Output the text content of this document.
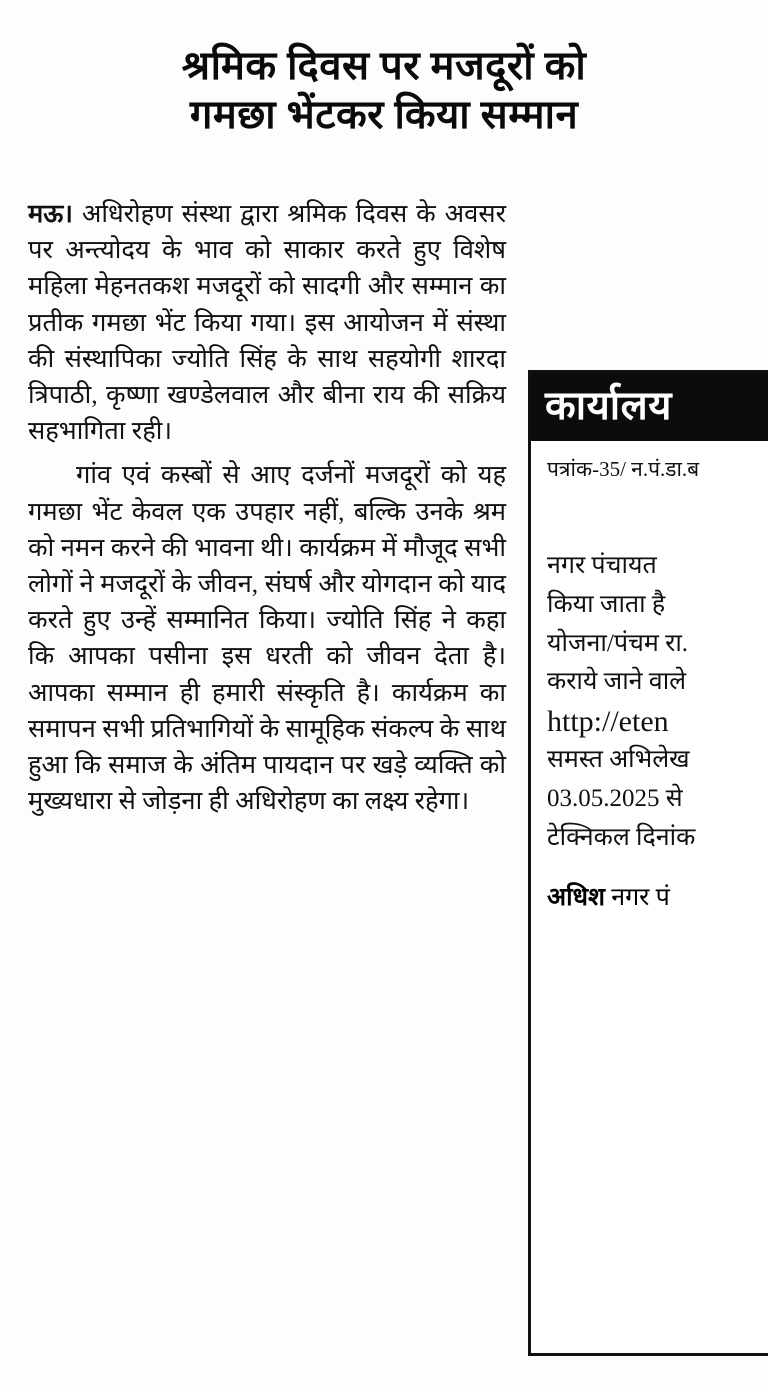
श्रमिक दिवस पर मजदूरों को
गमछा भेंटकर किया सम्मान

मऊ। अधिरोहण संस्था द्वारा श्रमिक दिवस के अवसर पर अन्त्योदय के भाव को साकार करते हुए विशेष महिला मेहनतकश मजदूरों को सादगी और सम्मान का प्रतीक गमछा भेंट किया गया। इस आयोजन में संस्था की संस्थापिका ज्योति सिंह के साथ सहयोगी शारदा त्रिपाठी, कृष्णा खण्डेलवाल और बीना राय की सक्रिय सहभागिता रही।

गांव एवं कस्बों से आए दर्जनों मजदूरों को यह गमछा भेंट केवल एक उपहार नहीं, बल्कि उनके श्रम को नमन करने की भावना थी। कार्यक्रम में मौजूद सभी लोगों ने मजदूरों के जीवन, संघर्ष और योगदान को याद करते हुए उन्हें सम्मानित किया। ज्योति सिंह ने कहा कि आपका पसीना इस धरती को जीवन देता है। आपका सम्मान ही हमारी संस्कृति है। कार्यक्रम का समापन सभी प्रतिभागियों के सामूहिक संकल्प के साथ हुआ कि समाज के अंतिम पायदान पर खड़े व्यक्ति को मुख्यधारा से जोड़ना ही अधिरोहण का लक्ष्य रहेगा।

कार्यालय
पत्रांक-35/ न.पं.डा.ब
नगर पंचायत
किया जाता है
योजना/पंचम रा.
कराये जाने वाले
http://eten
समस्त अभिलेख
03.05.2025 से
टेक्निकल दिनांक
अधिश नगर पं
